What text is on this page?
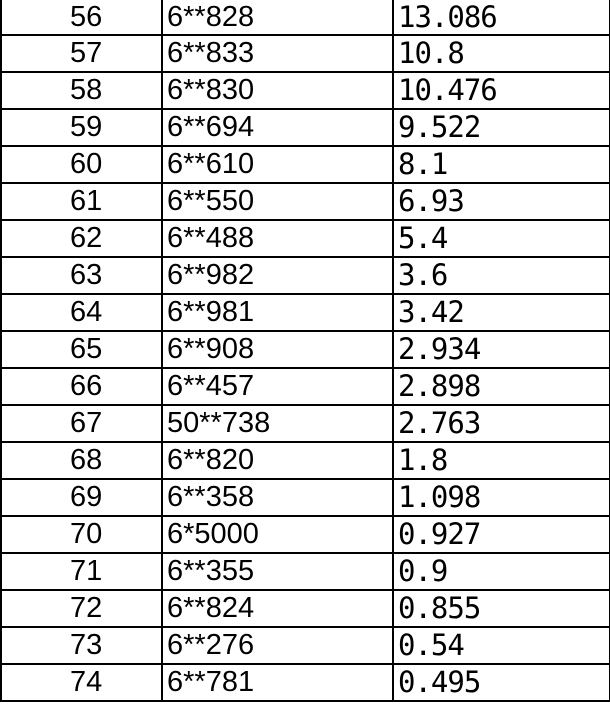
56	6**828	13.086
57	6**833	10.8
58	6**830	10.476
59	6**694	9.522
60	6**610	8.1
61	6**550	6.93
62	6**488	5.4
63	6**982	3.6
64	6**981	3.42
65	6**908	2.934
66	6**457	2.898
67	50**738	2.763
68	6**820	1.8
69	6**358	1.098
70	6*5000	0.927
71	6**355	0.9
72	6**824	0.855
73	6**276	0.54
74	6**781	0.495
